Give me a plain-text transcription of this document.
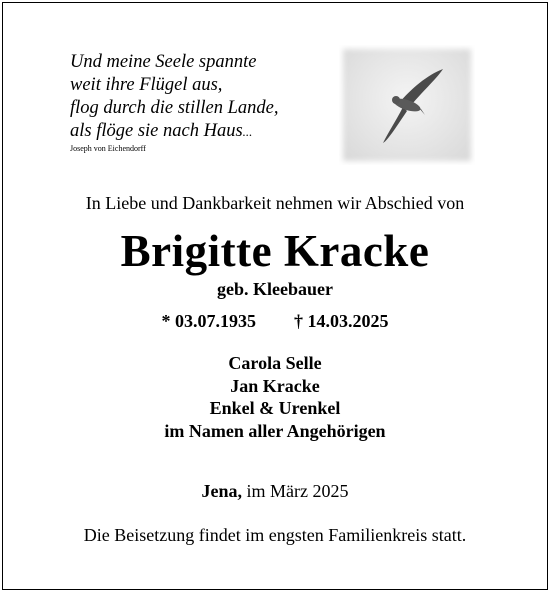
Und meine Seele spannte
weit ihre Flügel aus,
flog durch die stillen Lande,
als flöge sie nach Haus...
Joseph von Eichendorff
In Liebe und Dankbarkeit nehmen wir Abschied von
Brigitte Kracke
geb. Kleebauer
* 03.07.1935 † 14.03.2025
Carola Selle
Jan Kracke
Enkel & Urenkel
im Namen aller Angehörigen
Jena, im März 2025
Die Beisetzung findet im engsten Familienkreis statt.
